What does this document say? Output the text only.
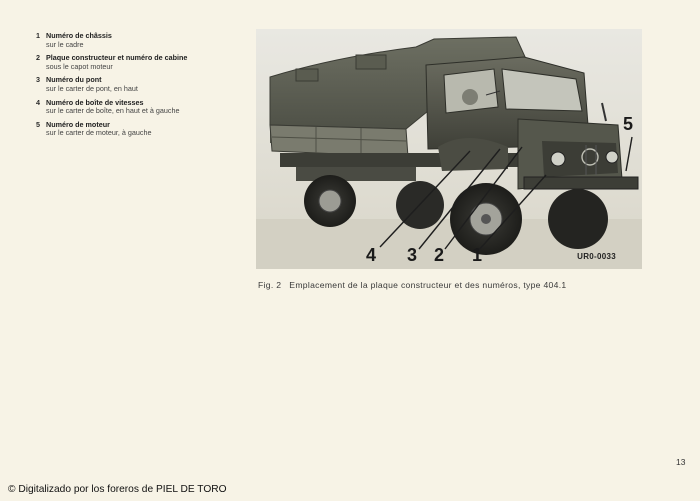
1 Numéro de châssis
sur le cadre
2 Plaque constructeur et numéro de cabine
sous le capot moteur
3 Numéro du pont
sur le carter de pont, en haut
4 Numéro de boîte de vitesses
sur le carter de boîte, en haut et à gauche
5 Numéro de moteur
sur le carter de moteur, à gauche
4 3 2 1
5
UR0-0033
Fig. 2 Emplacement de la plaque constructeur et des numéros, type 404.1
13
© Digitalizado por los foreros de PIEL DE TORO
